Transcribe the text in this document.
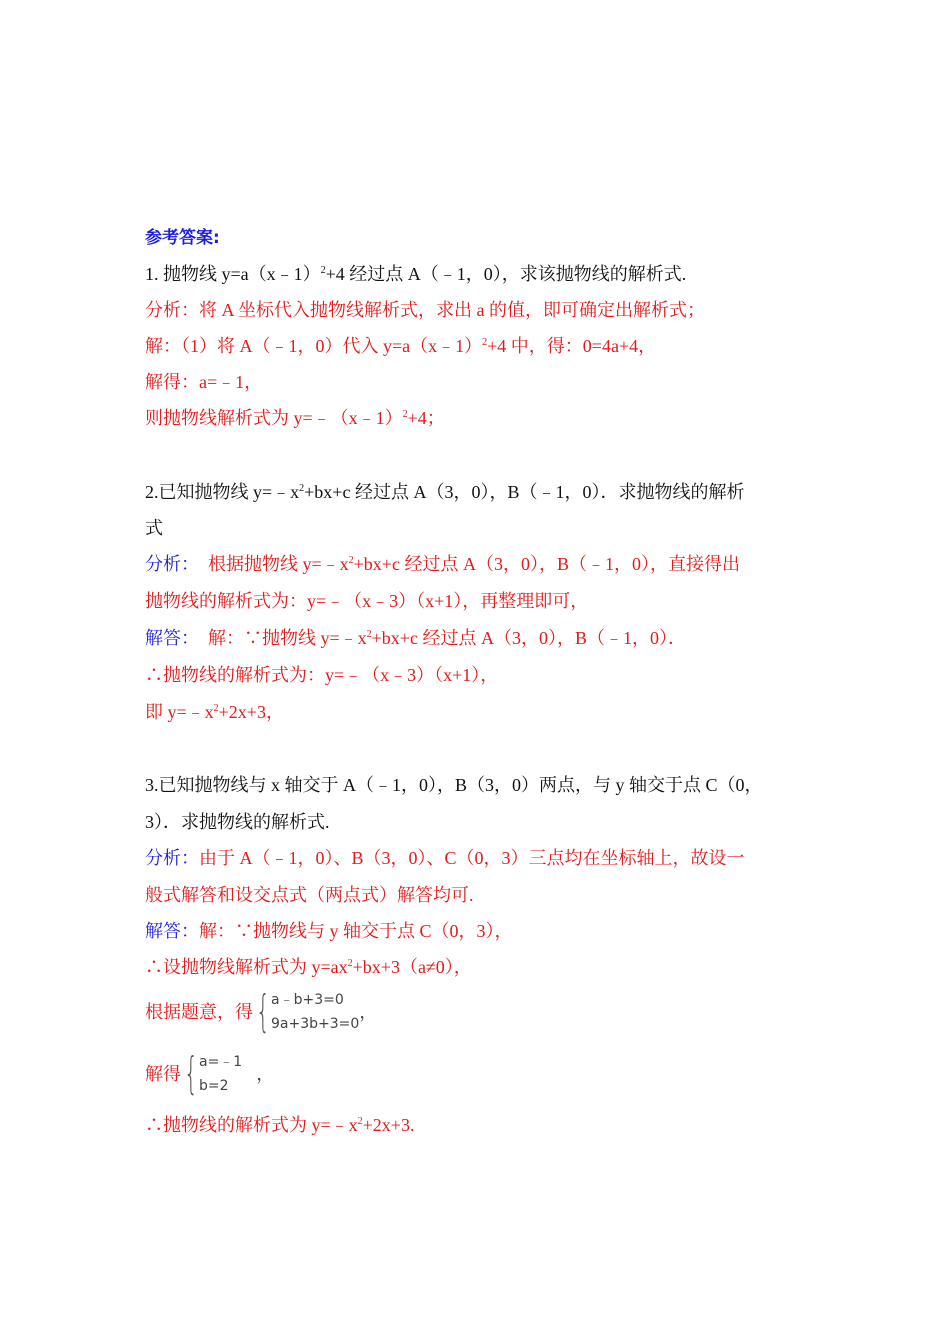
参考答案:
1. 抛物线 y=a（x﹣1）$^2$+4 经过点 A（﹣1，0），求该抛物线的解析式.
分析：将 A 坐标代入抛物线解析式，求出 a 的值，即可确定出解析式；
解：（1）将 A（﹣1，0）代入 y=a（x﹣1）$^2$+4 中，得：0=4a+4，
解得：a=﹣1，
则抛物线解析式为 y=﹣（x﹣1）$^2$+4；
2.已知抛物线 $y=﹣x^2+bx+c$ 经过点 A（3，0），B（﹣1，0）．求抛物线的解析
式
分析： 根据抛物线 $y=﹣x^2+bx+c$ 经过点 A（3，0），B（﹣1，0），直接得出
抛物线的解析式为：y=﹣（x﹣3）（x+1），再整理即可，
解答： 解：∵抛物线 $y=﹣x^2+bx+c$ 经过点 A（3，0），B（﹣1，0）．
∴抛物线的解析式为：y=﹣（x﹣3）（x+1），
即 $y=﹣x^2+2x+3$，
3.已知抛物线与 x 轴交于 A（﹣1，0），B（3，0）两点，与 y 轴交于点 C（0，
3）．求抛物线的解析式.
分析：由于 A（﹣1，0）、B（3，0）、C（0，3）三点均在坐标轴上，故设一
般式解答和设交点式（两点式）解答均可.
解答：解：∵抛物线与 y 轴交于点 C（0，3），
∴设抛物线解析式为 $y=ax^2+bx+3(a\ne 0)$，
根据题意，得 { a﹣b+3=0
9a+3b+3=0
，
解得 { a=﹣1
b=2
，
∴抛物线的解析式为 $y=﹣x^2+2x+3$.
